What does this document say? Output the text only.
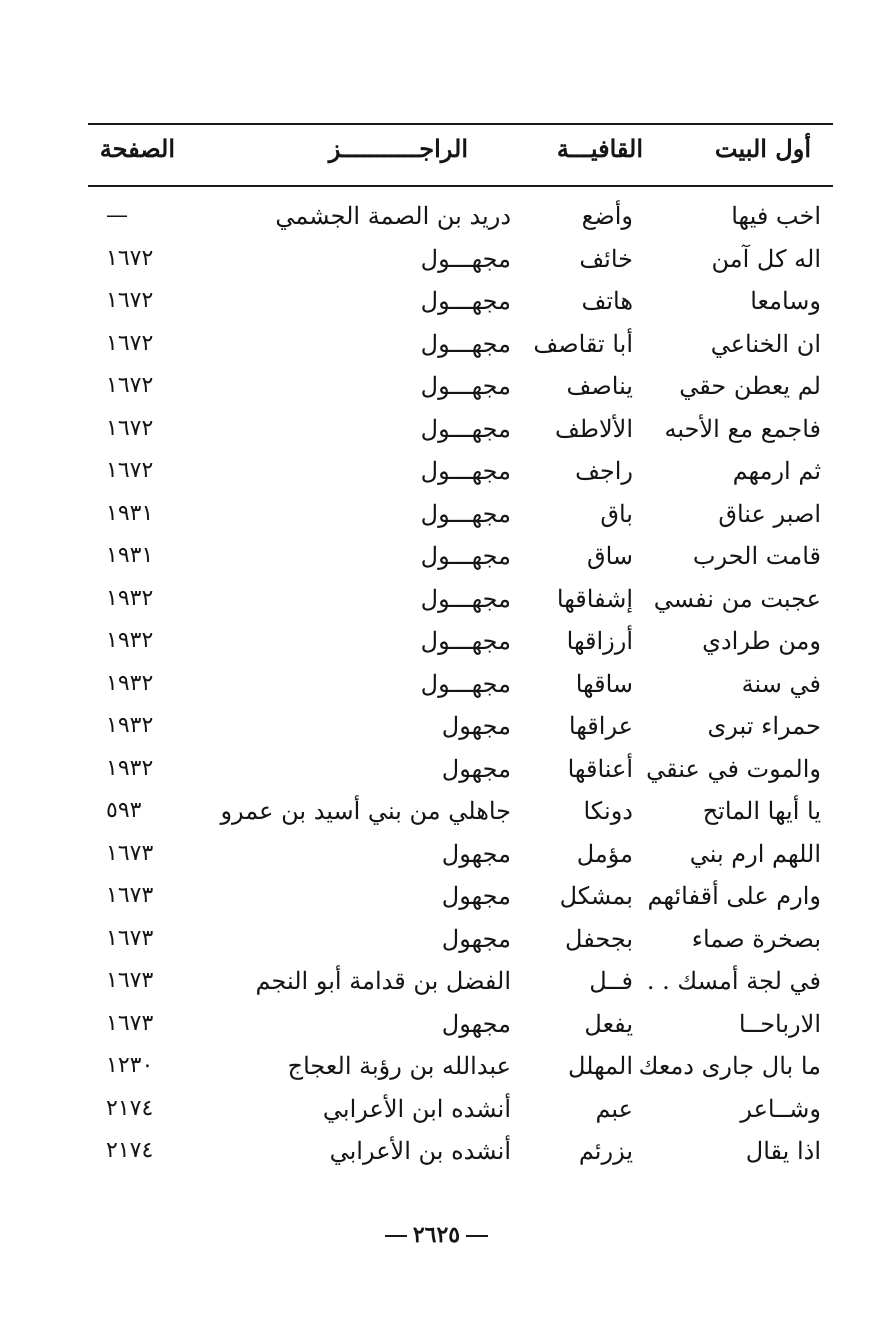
أول البيت
القافيـــة
الراجـــــــــــز
الصفحة
اخب فيها
وأضع
دريد بن الصمة الجشمي
—
اله كل آمن
خائف
مجهـــول
١٦٧٢
وسامعا
هاتف
مجهـــول
١٦٧٢
ان الخناعي
أبا تقاصف
مجهـــول
١٦٧٢
لم يعطن حقي
يناصف
مجهـــول
١٦٧٢
فاجمع مع الأحبه
الألاطف
مجهـــول
١٦٧٢
ثم ارمهم
راجف
مجهـــول
١٦٧٢
اصبر عناق
باق
مجهـــول
١٩٣١
قامت الحرب
ساق
مجهـــول
١٩٣١
عجبت من نفسي
إشفاقها
مجهـــول
١٩٣٢
ومن طرادي
أرزاقها
مجهـــول
١٩٣٢
في سنة
ساقها
مجهـــول
١٩٣٢
حمراء تبرى
عراقها
مجهول
١٩٣٢
والموت في عنقي
أعناقها
مجهول
١٩٣٢
يا أيها الماتح
دونكا
جاهلي من بني أسيد بن عمرو
٥٩٣
اللهم ارم بني
مؤمل
مجهول
١٦٧٣
وارم على أقفائهم
بمشكل
مجهول
١٦٧٣
بصخرة صماء
بجحفل
مجهول
١٦٧٣
في لجة أمسك . .
فــل
الفضل بن قدامة أبو النجم
١٦٧٣
الارباحــا
يفعل
مجهول
١٦٧٣
ما بال جارى دمعك
المهلل
عبدالله بن رؤبة العجاج
١٢٣٠
وشــاعر
عبم
أنشده ابن الأعرابي
٢١٧٤
اذا يقال
يزرئم
أنشده بن الأعرابي
٢١٧٤
٢٦٢٥
